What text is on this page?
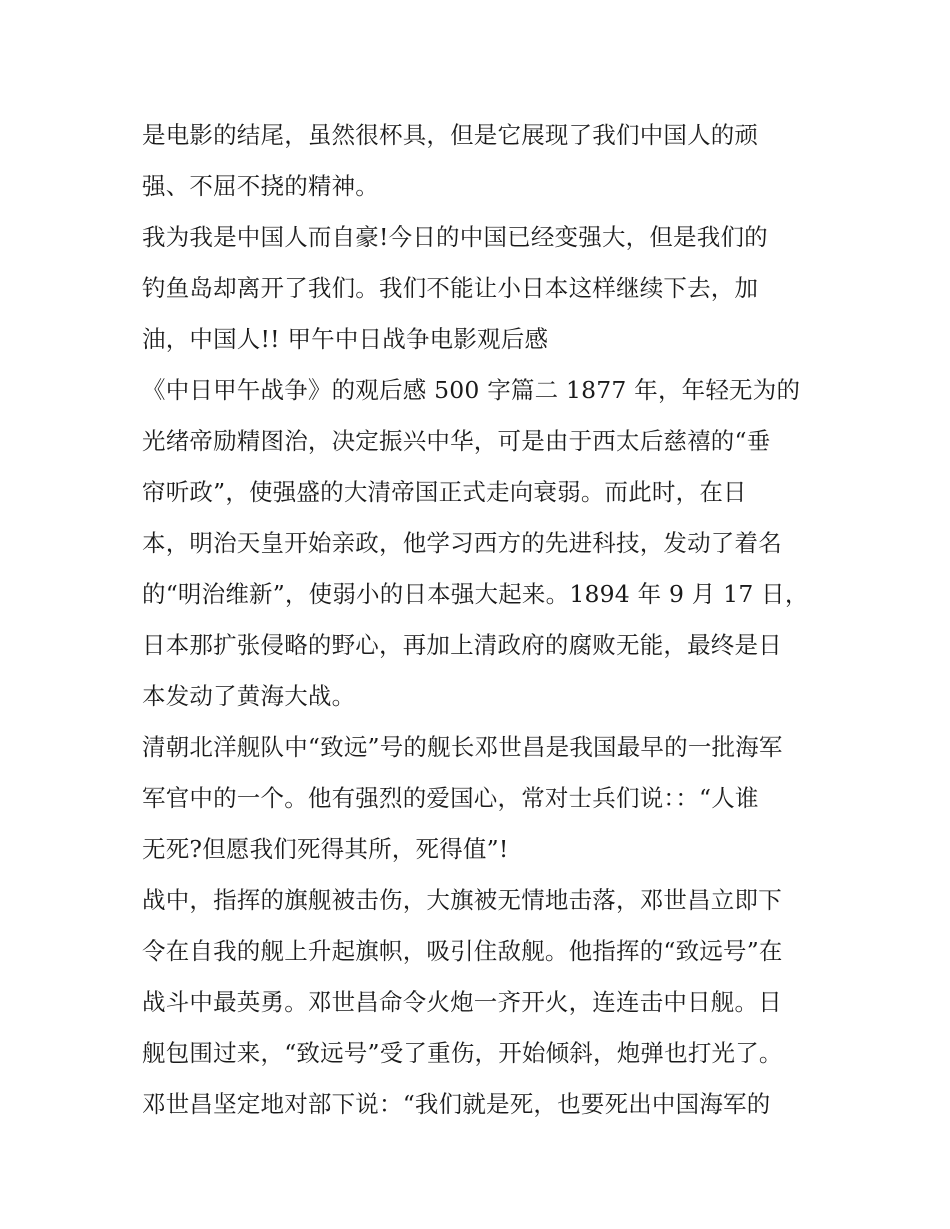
是电影的结尾，虽然很杯具，但是它展现了我们中国人的顽
强、不屈不挠的精神。
我为我是中国人而自豪!今日的中国已经变强大，但是我们的
钓鱼岛却离开了我们。我们不能让小日本这样继续下去，加
油，中国人!! 甲午中日战争电影观后感
《中日甲午战争》的观后感 500 字篇二 1877 年，年轻无为的
光绪帝励精图治，决定振兴中华，可是由于西太后慈禧的“垂
帘听政”，使强盛的大清帝国正式走向衰弱。而此时，在日
本，明治天皇开始亲政，他学习西方的先进科技，发动了着名
的“明治维新”，使弱小的日本强大起来。1894 年 9 月 17 日，
日本那扩张侵略的野心，再加上清政府的腐败无能，最终是日
本发动了黄海大战。
清朝北洋舰队中“致远”号的舰长邓世昌是我国最早的一批海军
军官中的一个。他有强烈的爱国心，常对士兵们说：：“人谁
无死?但愿我们死得其所，死得值”!
战中，指挥的旗舰被击伤，大旗被无情地击落，邓世昌立即下
令在自我的舰上升起旗帜，吸引住敌舰。他指挥的“致远号”在
战斗中最英勇。邓世昌命令火炮一齐开火，连连击中日舰。日
舰包围过来，“致远号”受了重伤，开始倾斜，炮弹也打光了。
邓世昌坚定地对部下说：“我们就是死，也要死出中国海军的
